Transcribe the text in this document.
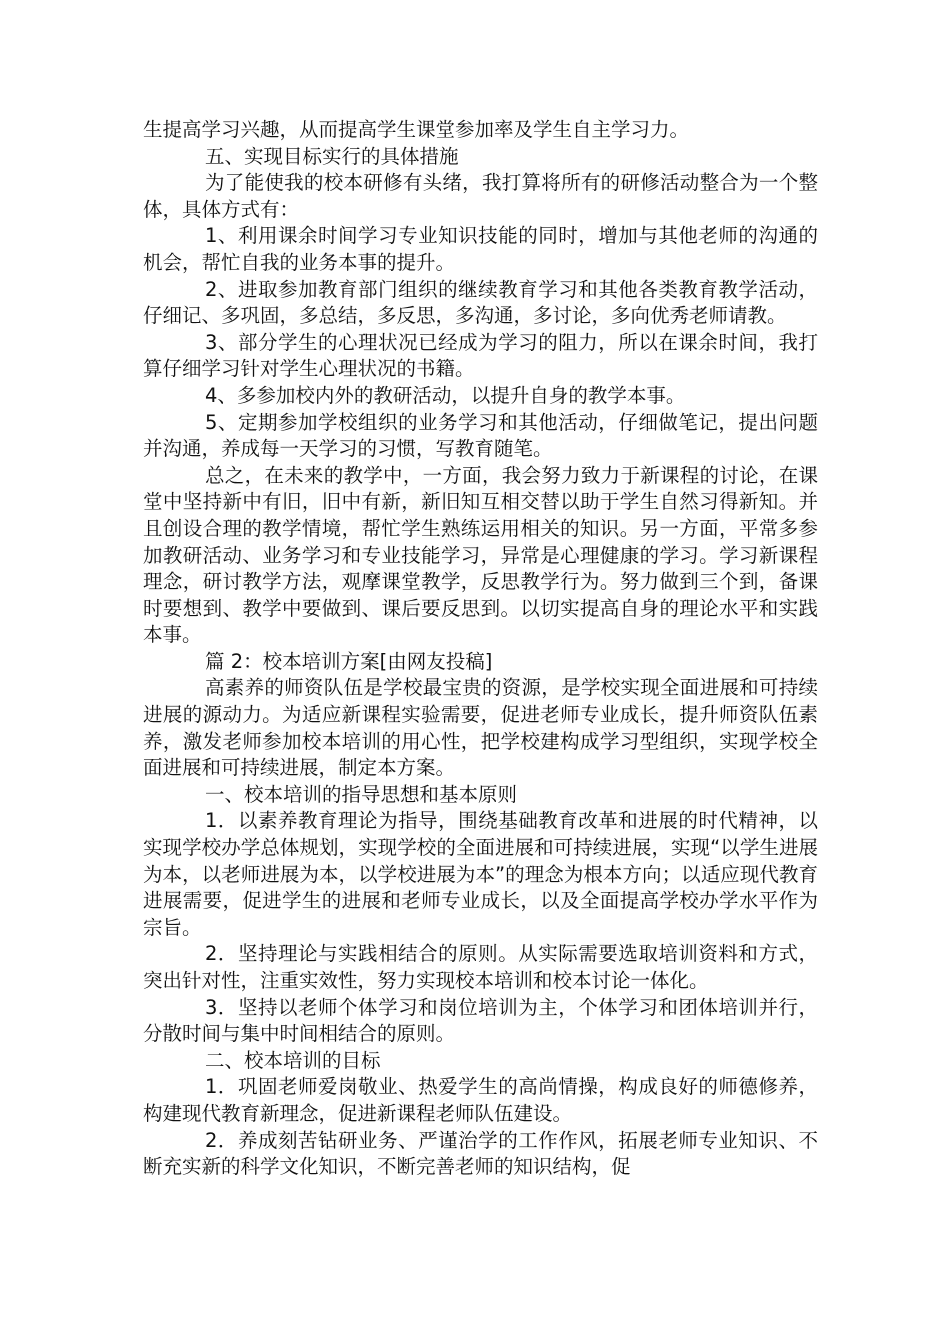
生提高学习兴趣，从而提高学生课堂参加率及学生自主学习力。

五、实现目标实行的具体措施

为了能使我的校本研修有头绪，我打算将所有的研修活动整合为一个整体，具体方式有：

1、利用课余时间学习专业知识技能的同时，增加与其他老师的沟通的机会，帮忙自我的业务本事的提升。

2、进取参加教育部门组织的继续教育学习和其他各类教育教学活动，仔细记、多巩固，多总结，多反思，多沟通，多讨论，多向优秀老师请教。

3、部分学生的心理状况已经成为学习的阻力，所以在课余时间，我打算仔细学习针对学生心理状况的书籍。

4、多参加校内外的教研活动，以提升自身的教学本事。

5、定期参加学校组织的业务学习和其他活动，仔细做笔记，提出问题并沟通，养成每一天学习的习惯，写教育随笔。

总之，在未来的教学中，一方面，我会努力致力于新课程的讨论，在课堂中坚持新中有旧，旧中有新，新旧知互相交替以助于学生自然习得新知。并且创设合理的教学情境，帮忙学生熟练运用相关的知识。另一方面，平常多参加教研活动、业务学习和专业技能学习，异常是心理健康的学习。学习新课程理念，研讨教学方法，观摩课堂教学，反思教学行为。努力做到三个到，备课时要想到、教学中要做到、课后要反思到。以切实提高自身的理论水平和实践本事。

篇 2：校本培训方案[由网友投稿]

高素养的师资队伍是学校最宝贵的资源，是学校实现全面进展和可持续进展的源动力。为适应新课程实验需要，促进老师专业成长，提升师资队伍素养，激发老师参加校本培训的用心性，把学校建构成学习型组织，实现学校全面进展和可持续进展，制定本方案。

一、校本培训的指导思想和基本原则

1．以素养教育理论为指导，围绕基础教育改革和进展的时代精神，以实现学校办学总体规划，实现学校的全面进展和可持续进展，实现“以学生进展为本，以老师进展为本，以学校进展为本”的理念为根本方向；以适应现代教育进展需要，促进学生的进展和老师专业成长，以及全面提高学校办学水平作为宗旨。

2．坚持理论与实践相结合的原则。从实际需要选取培训资料和方式，突出针对性，注重实效性，努力实现校本培训和校本讨论一体化。

3．坚持以老师个体学习和岗位培训为主，个体学习和团体培训并行，分散时间与集中时间相结合的原则。

二、校本培训的目标

1．巩固老师爱岗敬业、热爱学生的高尚情操，构成良好的师德修养，构建现代教育新理念，促进新课程老师队伍建设。

2．养成刻苦钻研业务、严谨治学的工作作风，拓展老师专业知识、不断充实新的科学文化知识，不断完善老师的知识结构，促
